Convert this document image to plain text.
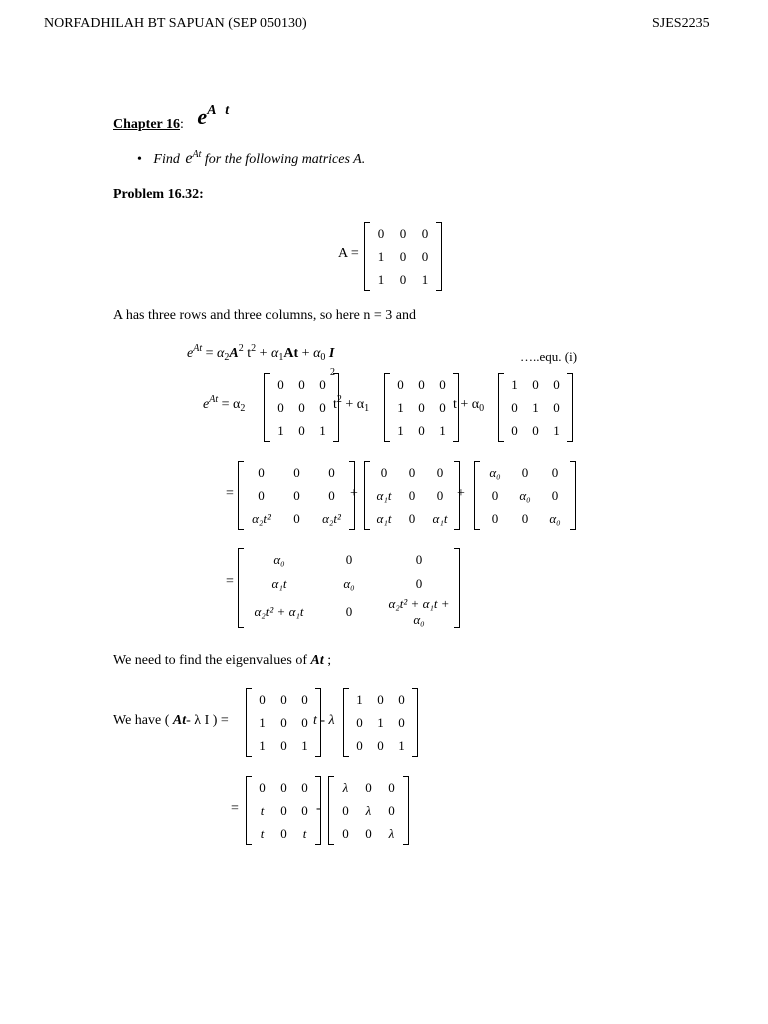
NORFADHILAH BT SAPUAN (SEP 050130)	SJES2235
Chapter 16: eA t
• Find $e^{At}$ for the following matrices A.
Problem 16.32:
A =
0	0	0
1	0	0
1	0	1
A has three rows and three columns, so here n = 3 and
$e^{At} = \alpha_2A^2$ $t^2 + \alpha_1At + \alpha_0$ I	…..equ. (i)
$e^{At} = \alpha_2$
0	0	0
0	0	0
1	0	1
2
$t^2 + \alpha_1$
0	0	0
1	0	0
1	0	1
$t + \alpha_0$
1	0	0
0	1	0
0	0	1
=
0	0	0
0	0	0
α₂t²	0	α₂t²
+
0	0	0
α₁t	0	0
α₁t	0	α₁t
+
α₀	0	0
0	α₀	0
0	0	α₀
=
α₀	0	0
α₁t	α₀	0
α₂t² + α₁t	0	α₂t² + α₁t + α₀
We need to find the eigenvalues of At ;
We have ( At- λ I ) =
0	0	0
1	0	0
1	0	1
t - λ
1	0	0
0	1	0
0	0	1
=
0	0	0
t	0	0
t	0	t
-
λ	0	0
0	λ	0
0	0	λ
